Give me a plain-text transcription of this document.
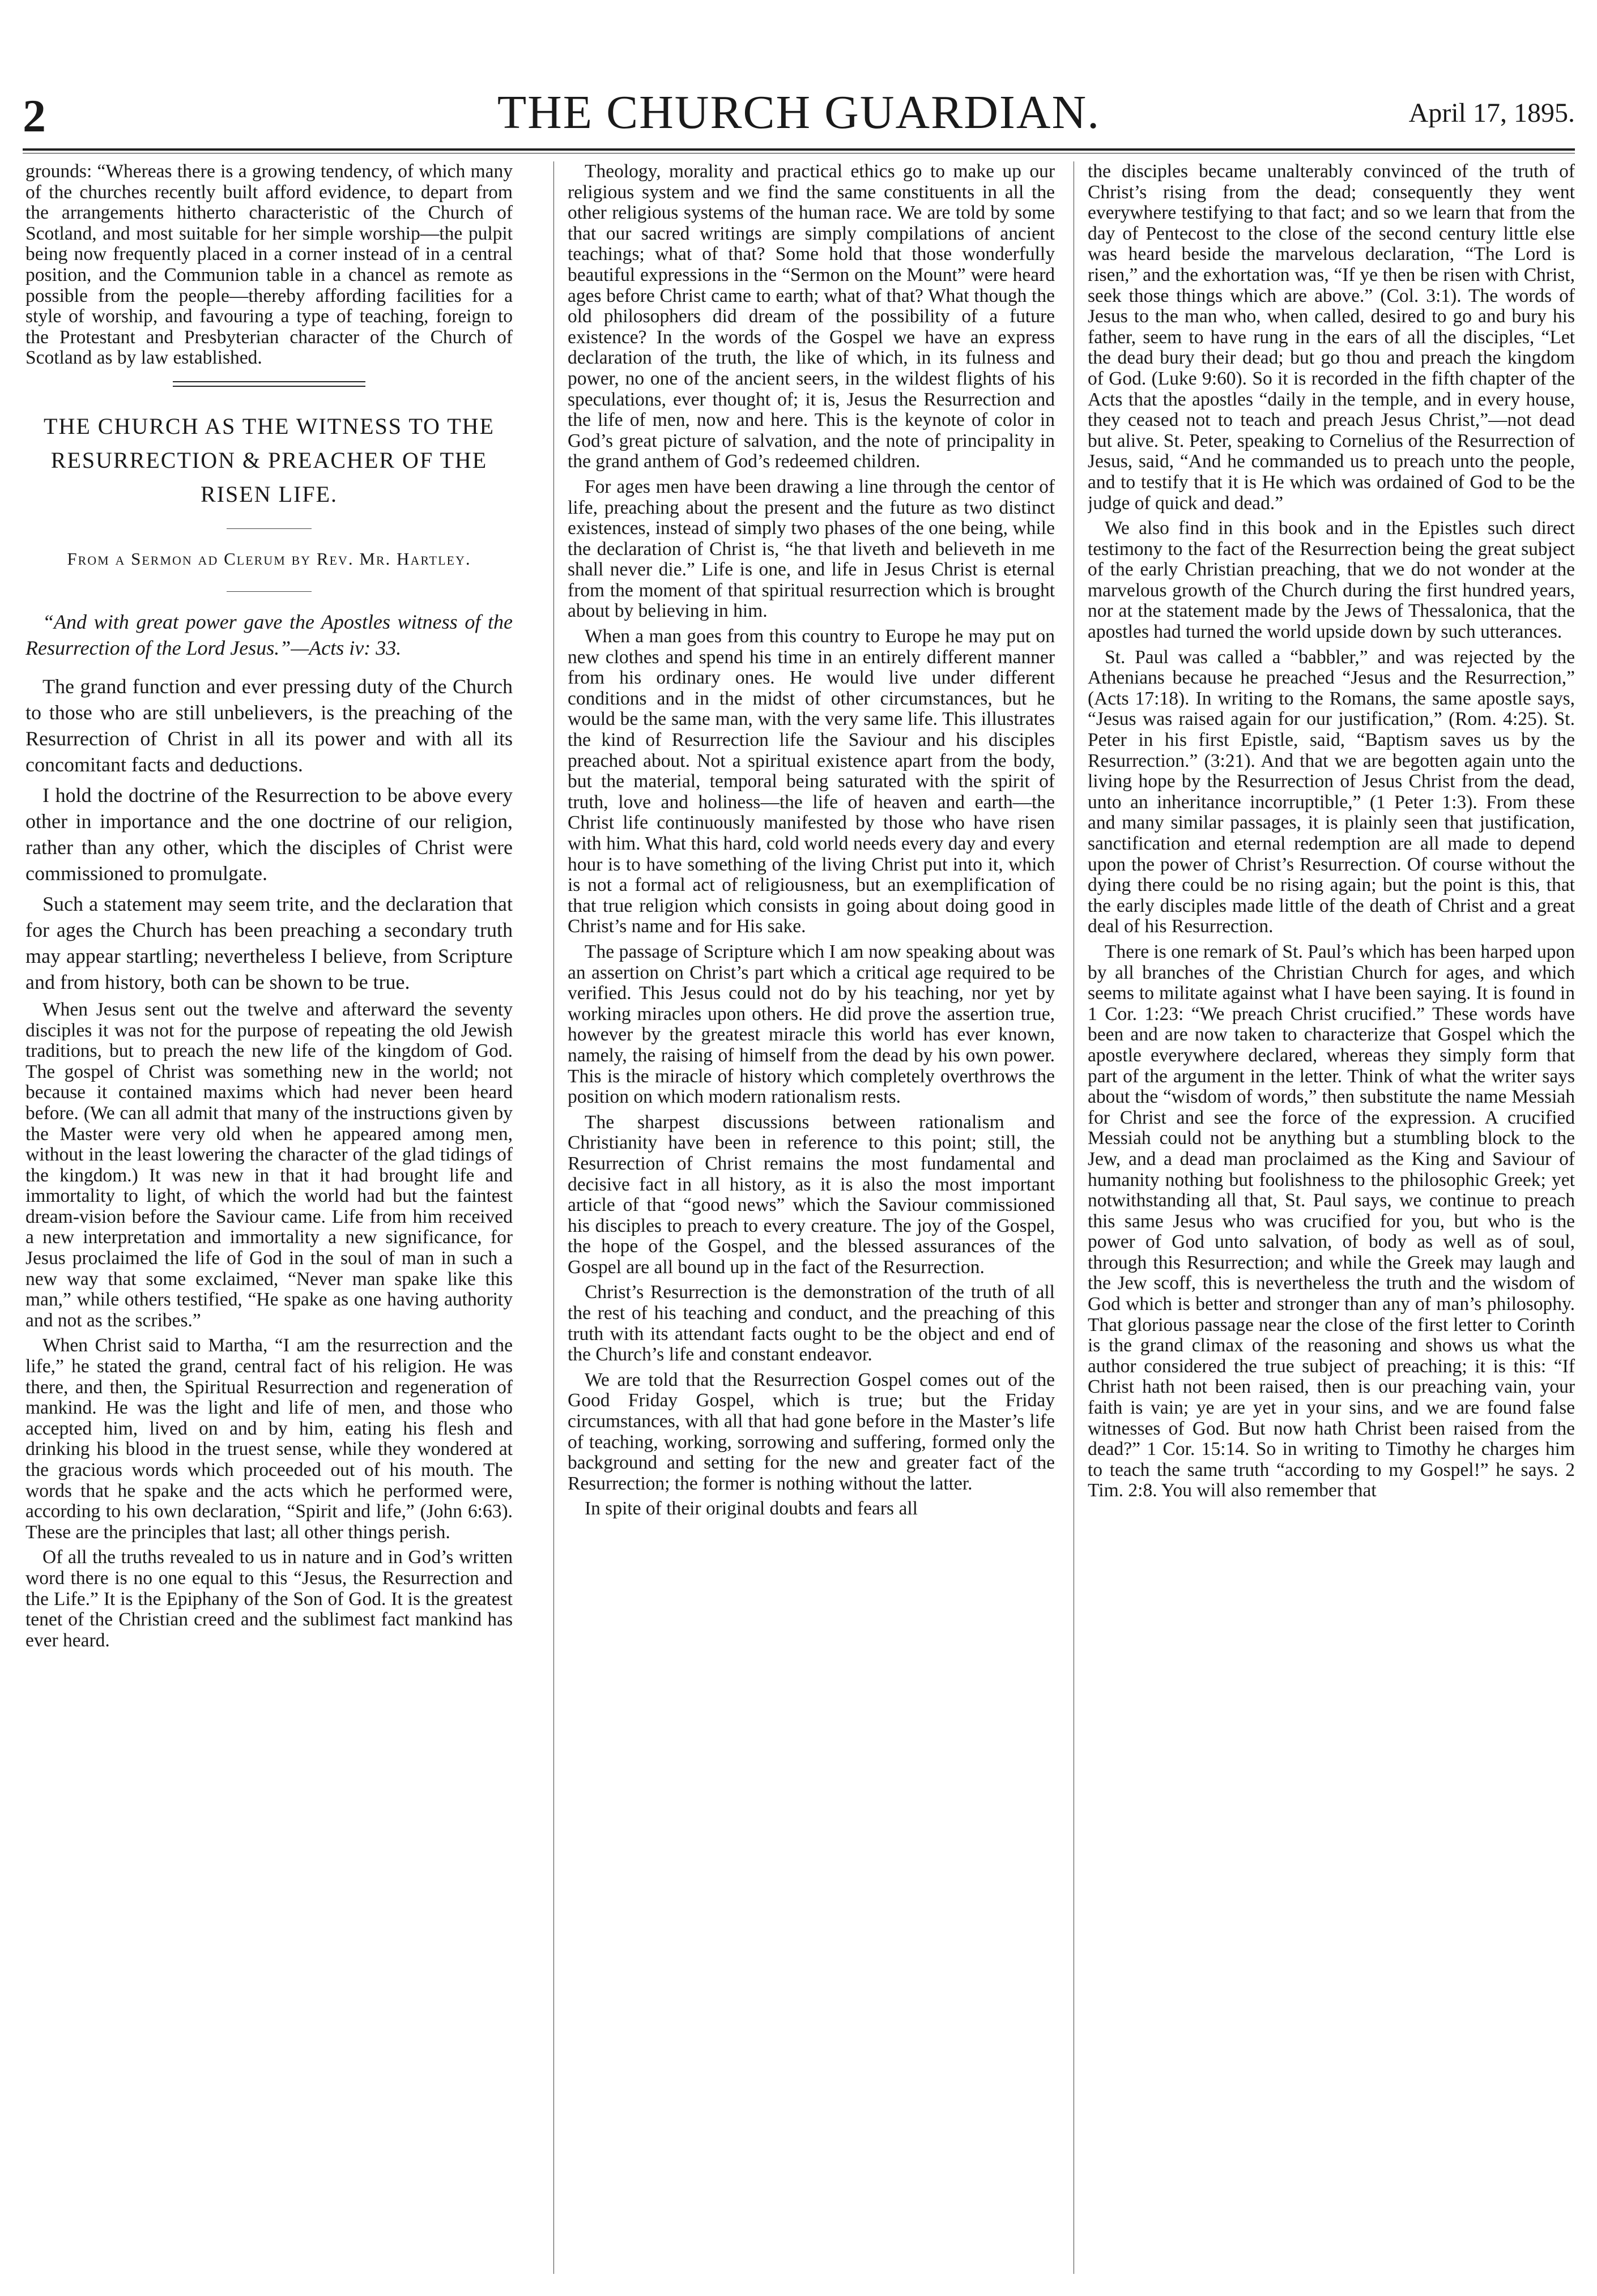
2	THE CHURCH GUARDIAN.	April 17, 1895.

grounds: “Whereas there is a growing tendency, of which many of the churches recently built afford evidence, to depart from the arrangements hitherto characteristic of the Church of Scotland, and most suitable for her simple worship—the pulpit being now frequently placed in a corner instead of in a central position, and the Communion table in a chancel as remote as possible from the people—thereby affording facilities for a style of worship, and favouring a type of teaching, foreign to the Protestant and Presbyterian character of the Church of Scotland as by law established.

THE CHURCH AS THE WITNESS TO THE RESURRECTION & PREACHER OF THE RISEN LIFE.
From a Sermon ad Clerum by Rev. Mr. Hartley.

“And with great power gave the Apostles witness of the Resurrection of the Lord Jesus.”—Acts iv: 33.

The grand function and ever pressing duty of the Church to those who are still unbelievers, is the preaching of the Resurrection of Christ in all its power and with all its concomitant facts and deductions.

I hold the doctrine of the Resurrection to be above every other in importance and the one doctrine of our religion, rather than any other, which the disciples of Christ were commissioned to promulgate.

Such a statement may seem trite, and the declaration that for ages the Church has been preaching a secondary truth may appear startling; nevertheless I believe, from Scripture and from history, both can be shown to be true.

When Jesus sent out the twelve and afterward the seventy disciples it was not for the purpose of repeating the old Jewish traditions, but to preach the new life of the kingdom of God. The gospel of Christ was something new in the world; not because it contained maxims which had never been heard before. (We can all admit that many of the instructions given by the Master were very old when he appeared among men, without in the least lowering the character of the glad tidings of the kingdom.) It was new in that it had brought life and immortality to light, of which the world had but the faintest dream-vision before the Saviour came. Life from him received a new interpretation and immortality a new significance, for Jesus proclaimed the life of God in the soul of man in such a new way that some exclaimed, “Never man spake like this man,” while others testified, “He spake as one having authority and not as the scribes.”

When Christ said to Martha, “I am the resurrection and the life,” he stated the grand, central fact of his religion. He was there, and then, the Spiritual Resurrection and regeneration of mankind. He was the light and life of men, and those who accepted him, lived on and by him, eating his flesh and drinking his blood in the truest sense, while they wondered at the gracious words which proceeded out of his mouth. The words that he spake and the acts which he performed were, according to his own declaration, “Spirit and life,” (John 6:63). These are the principles that last; all other things perish.

Of all the truths revealed to us in nature and in God’s written word there is no one equal to this “Jesus, the Resurrection and the Life.” It is the Epiphany of the Son of God. It is the greatest tenet of the Christian creed and the sublimest fact mankind has ever heard.

Theology, morality and practical ethics go to make up our religious system and we find the same constituents in all the other religious systems of the human race. We are told by some that our sacred writings are simply compilations of ancient teachings; what of that? Some hold that those wonderfully beautiful expressions in the “Sermon on the Mount” were heard ages before Christ came to earth; what of that? What though the old philosophers did dream of the possibility of a future existence? In the words of the Gospel we have an express declaration of the truth, the like of which, in its fulness and power, no one of the ancient seers, in the wildest flights of his speculations, ever thought of; it is, Jesus the Resurrection and the life of men, now and here. This is the keynote of color in God’s great picture of salvation, and the note of principality in the grand anthem of God’s redeemed children.

For ages men have been drawing a line through the centor of life, preaching about the present and the future as two distinct existences, instead of simply two phases of the one being, while the declaration of Christ is, “he that liveth and believeth in me shall never die.” Life is one, and life in Jesus Christ is eternal from the moment of that spiritual resurrection which is brought about by believing in him.

When a man goes from this country to Europe he may put on new clothes and spend his time in an entirely different manner from his ordinary ones. He would live under different conditions and in the midst of other circumstances, but he would be the same man, with the very same life. This illustrates the kind of Resurrection life the Saviour and his disciples preached about. Not a spiritual existence apart from the body, but the material, temporal being saturated with the spirit of truth, love and holiness—the life of heaven and earth—the Christ life continuously manifested by those who have risen with him. What this hard, cold world needs every day and every hour is to have something of the living Christ put into it, which is not a formal act of religiousness, but an exemplification of that true religion which consists in going about doing good in Christ’s name and for His sake.

The passage of Scripture which I am now speaking about was an assertion on Christ’s part which a critical age required to be verified. This Jesus could not do by his teaching, nor yet by working miracles upon others. He did prove the assertion true, however by the greatest miracle this world has ever known, namely, the raising of himself from the dead by his own power. This is the miracle of history which completely overthrows the position on which modern rationalism rests.

The sharpest discussions between rationalism and Christianity have been in reference to this point; still, the Resurrection of Christ remains the most fundamental and decisive fact in all history, as it is also the most important article of that “good news” which the Saviour commissioned his disciples to preach to every creature. The joy of the Gospel, the hope of the Gospel, and the blessed assurances of the Gospel are all bound up in the fact of the Resurrection.

Christ’s Resurrection is the demonstration of the truth of all the rest of his teaching and conduct, and the preaching of this truth with its attendant facts ought to be the object and end of the Church’s life and constant endeavor.

We are told that the Resurrection Gospel comes out of the Good Friday Gospel, which is true; but the Friday circumstances, with all that had gone before in the Master’s life of teaching, working, sorrowing and suffering, formed only the background and setting for the new and greater fact of the Resurrection; the former is nothing without the latter.

In spite of their original doubts and fears all

the disciples became unalterably convinced of the truth of Christ’s rising from the dead; consequently they went everywhere testifying to that fact; and so we learn that from the day of Pentecost to the close of the second century little else was heard beside the marvelous declaration, “The Lord is risen,” and the exhortation was, “If ye then be risen with Christ, seek those things which are above.” (Col. 3:1). The words of Jesus to the man who, when called, desired to go and bury his father, seem to have rung in the ears of all the disciples, “Let the dead bury their dead; but go thou and preach the kingdom of God. (Luke 9:60). So it is recorded in the fifth chapter of the Acts that the apostles “daily in the temple, and in every house, they ceased not to teach and preach Jesus Christ,”—not dead but alive. St. Peter, speaking to Cornelius of the Resurrection of Jesus, said, “And he commanded us to preach unto the people, and to testify that it is He which was ordained of God to be the judge of quick and dead.”

We also find in this book and in the Epistles such direct testimony to the fact of the Resurrection being the great subject of the early Christian preaching, that we do not wonder at the marvelous growth of the Church during the first hundred years, nor at the statement made by the Jews of Thessalonica, that the apostles had turned the world upside down by such utterances.

St. Paul was called a “babbler,” and was rejected by the Athenians because he preached “Jesus and the Resurrection,” (Acts 17:18). In writing to the Romans, the same apostle says, “Jesus was raised again for our justification,” (Rom. 4:25). St. Peter in his first Epistle, said, “Baptism saves us by the Resurrection.” (3:21). And that we are begotten again unto the living hope by the Resurrection of Jesus Christ from the dead, unto an inheritance incorruptible,” (1 Peter 1:3). From these and many similar passages, it is plainly seen that justification, sanctification and eternal redemption are all made to depend upon the power of Christ’s Resurrection. Of course without the dying there could be no rising again; but the point is this, that the early disciples made little of the death of Christ and a great deal of his Resurrection.

There is one remark of St. Paul’s which has been harped upon by all branches of the Christian Church for ages, and which seems to militate against what I have been saying. It is found in 1 Cor. 1:23: “We preach Christ crucified.” These words have been and are now taken to characterize that Gospel which the apostle everywhere declared, whereas they simply form that part of the argument in the letter. Think of what the writer says about the “wisdom of words,” then substitute the name Messiah for Christ and see the force of the expression. A crucified Messiah could not be anything but a stumbling block to the Jew, and a dead man proclaimed as the King and Saviour of humanity nothing but foolishness to the philosophic Greek; yet notwithstanding all that, St. Paul says, we continue to preach this same Jesus who was crucified for you, but who is the power of God unto salvation, of body as well as of soul, through this Resurrection; and while the Greek may laugh and the Jew scoff, this is nevertheless the truth and the wisdom of God which is better and stronger than any of man’s philosophy. That glorious passage near the close of the first letter to Corinth is the grand climax of the reasoning and shows us what the author considered the true subject of preaching; it is this: “If Christ hath not been raised, then is our preaching vain, your faith is vain; ye are yet in your sins, and we are found false witnesses of God. But now hath Christ been raised from the dead?” 1 Cor. 15:14. So in writing to Timothy he charges him to teach the same truth “according to my Gospel!” he says. 2 Tim. 2:8. You will also remember that
